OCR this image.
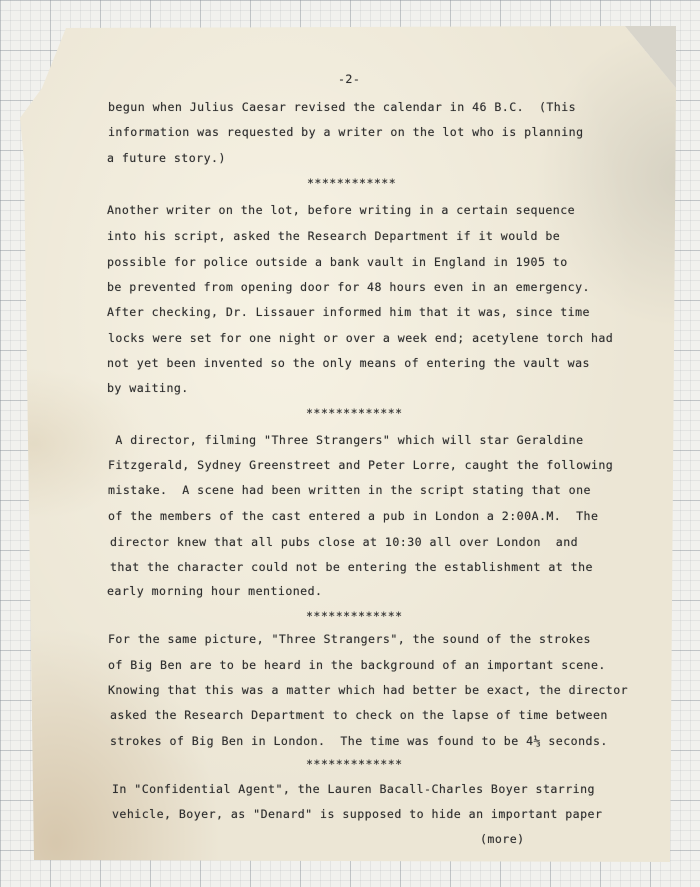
-2-
begun when Julius Caesar revised the calendar in 46 B.C.  (This
information was requested by a writer on the lot who is planning
a future story.)
************
Another writer on the lot, before writing in a certain sequence
into his script, asked the Research Department if it would be
possible for police outside a bank vault in England in 1905 to
be prevented from opening door for 48 hours even in an emergency.
After checking, Dr. Lissauer informed him that it was, since time
locks were set for one night or over a week end; acetylene torch had
not yet been invented so the only means of entering the vault was
by waiting.
*************
A director, filming "Three Strangers" which will star Geraldine
Fitzgerald, Sydney Greenstreet and Peter Lorre, caught the following
mistake.  A scene had been written in the script stating that one
of the members of the cast entered a pub in London a 2:00A.M.  The
director knew that all pubs close at 10:30 all over London  and
that the character could not be entering the establishment at the
early morning hour mentioned.
*************
For the same picture, "Three Strangers", the sound of the strokes
of Big Ben are to be heard in the background of an important scene.
Knowing that this was a matter which had better be exact, the director
asked the Research Department to check on the lapse of time between
strokes of Big Ben in London.  The time was found to be 4⅓ seconds.
*************
In "Confidential Agent", the Lauren Bacall-Charles Boyer starring
vehicle, Boyer, as "Denard" is supposed to hide an important paper
(more)
